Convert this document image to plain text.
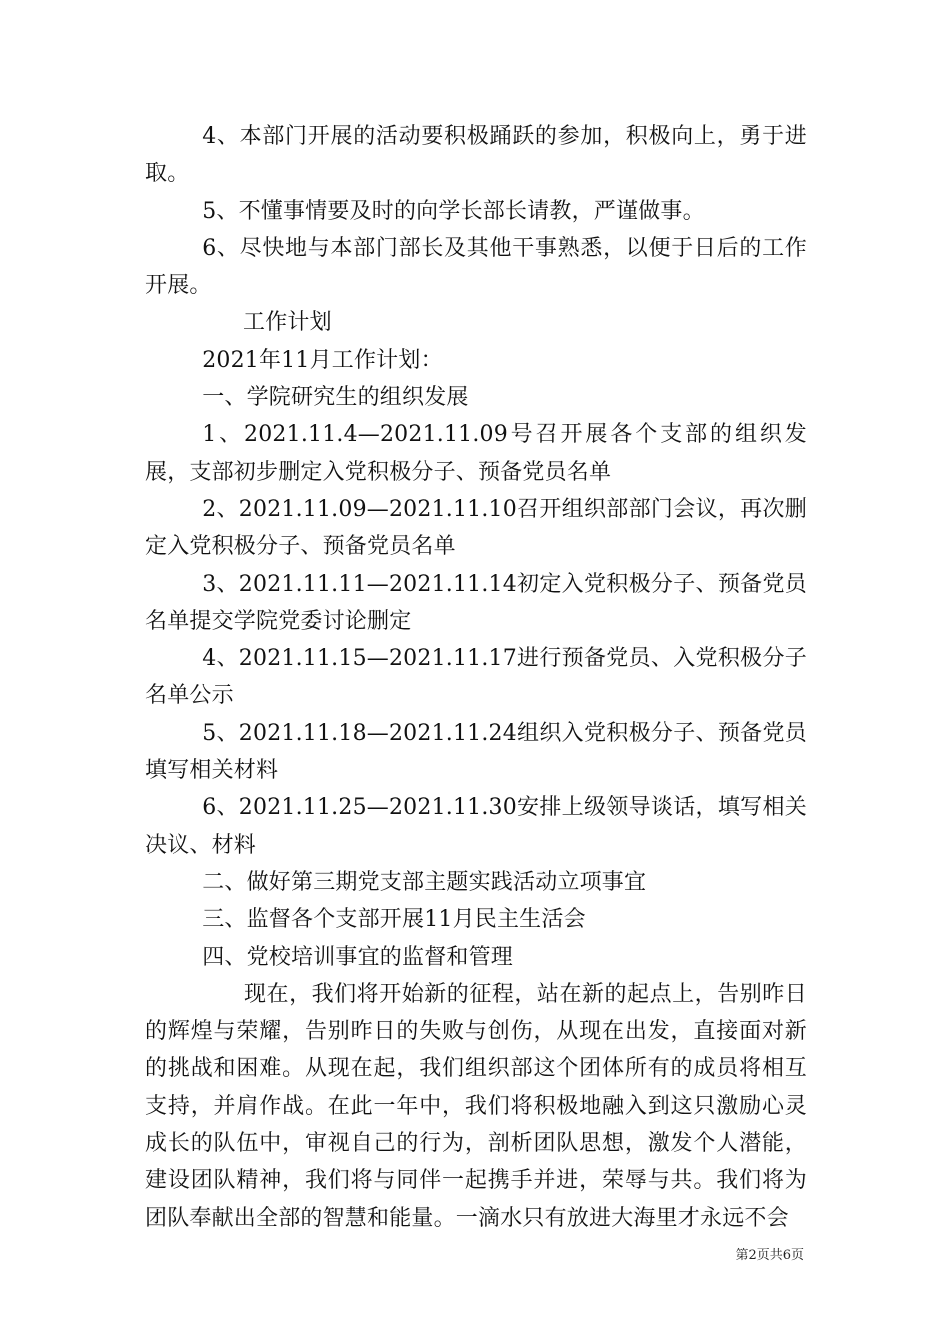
4、本部门开展的活动要积极踊跃的参加，积极向上，勇于进取。

5、不懂事情要及时的向学长部长请教，严谨做事。

6、尽快地与本部门部长及其他干事熟悉，以便于日后的工作开展。

工作计划

2021年11月工作计划：

一、学院研究生的组织发展

1、2021.11.4—2021.11.09号召开展各个支部的组织发展，支部初步删定入党积极分子、预备党员名单

2、2021.11.09—2021.11.10召开组织部部门会议，再次删定入党积极分子、预备党员名单

3、2021.11.11—2021.11.14初定入党积极分子、预备党员名单提交学院党委讨论删定

4、2021.11.15—2021.11.17进行预备党员、入党积极分子名单公示

5、2021.11.18—2021.11.24组织入党积极分子、预备党员填写相关材料

6、2021.11.25—2021.11.30安排上级领导谈话，填写相关决议、材料

二、做好第三期党支部主题实践活动立项事宜

三、监督各个支部开展11月民主生活会

四、党校培训事宜的监督和管理

现在，我们将开始新的征程，站在新的起点上，告别昨日的辉煌与荣耀，告别昨日的失败与创伤，从现在出发，直接面对新的挑战和困难。从现在起，我们组织部这个团体所有的成员将相互支持，并肩作战。在此一年中，我们将积极地融入到这只激励心灵成长的队伍中，审视自己的行为，剖析团队思想，激发个人潜能，建设团队精神，我们将与同伴一起携手并进，荣辱与共。我们将为团队奉献出全部的智慧和能量。一滴水只有放进大海里才永远不会

第2页共6页
